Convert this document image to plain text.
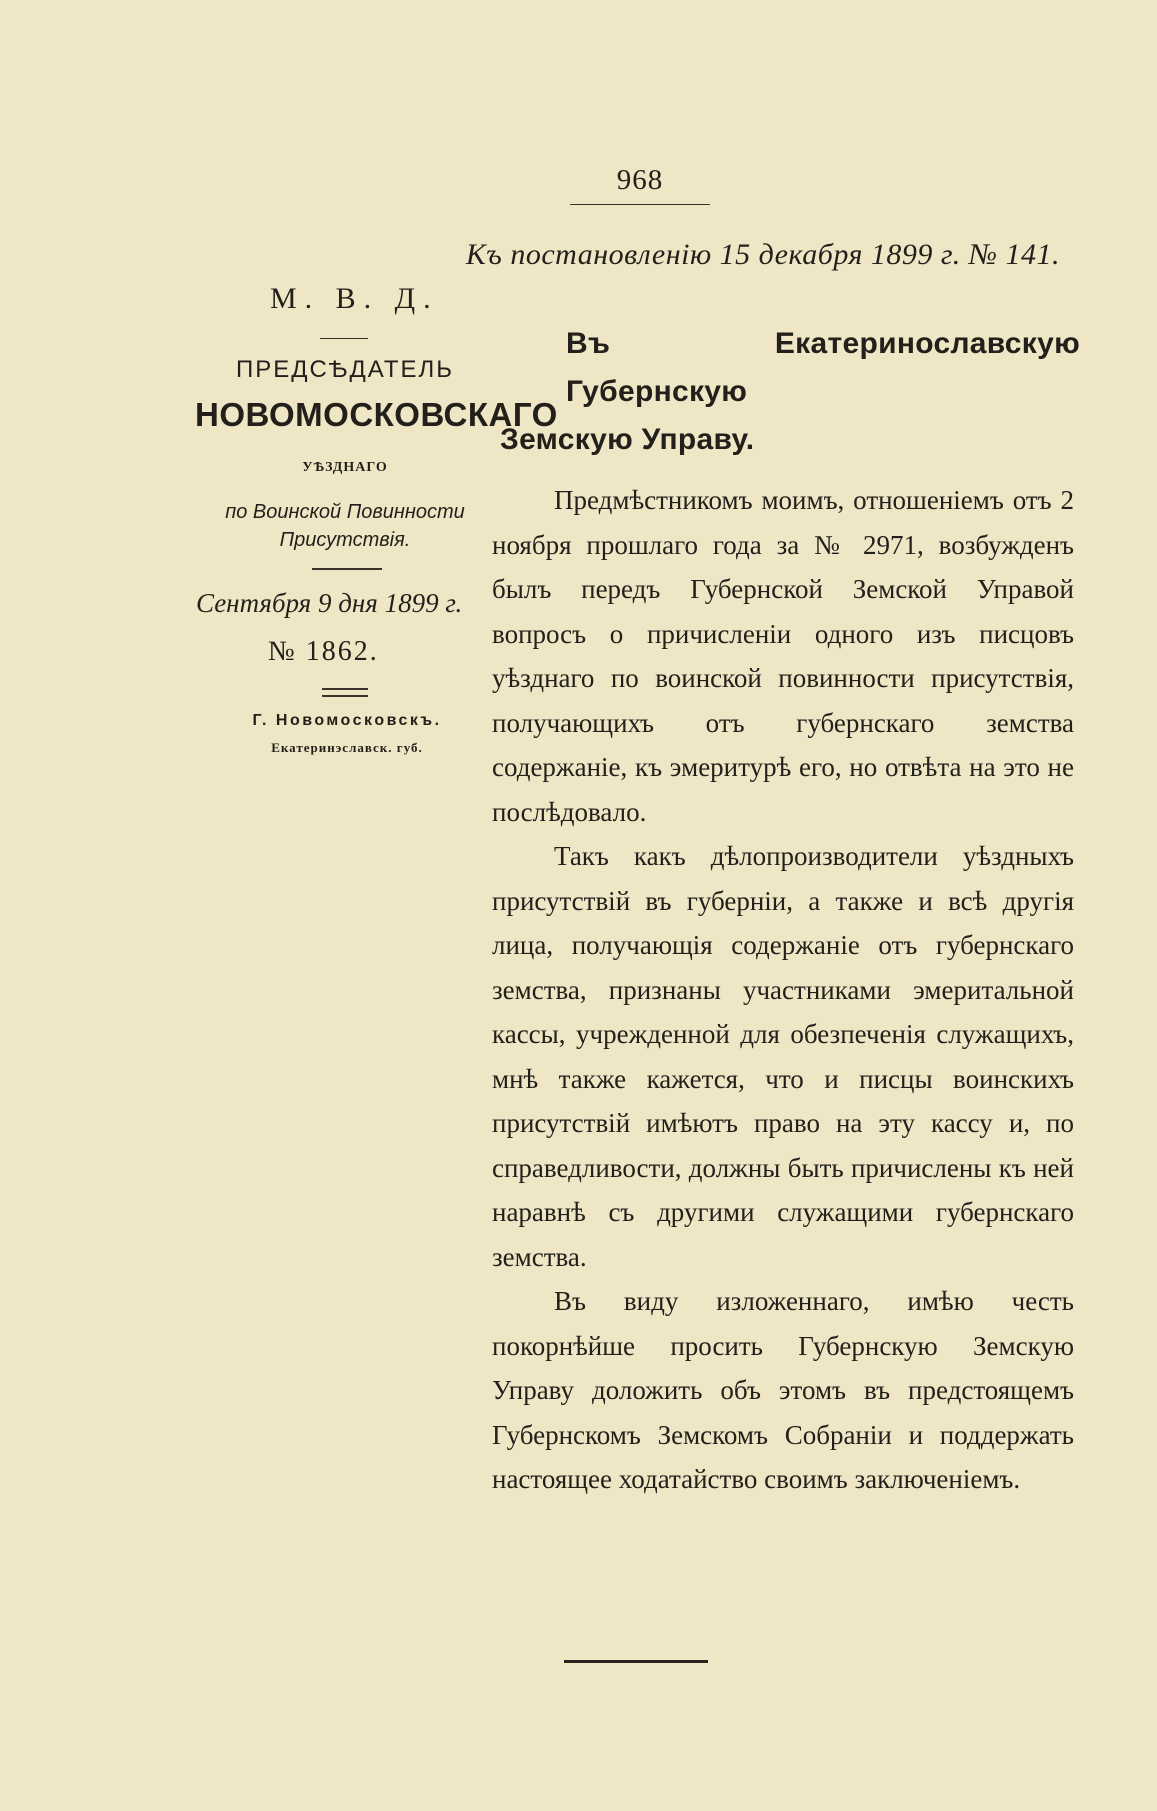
968
Къ постановленію 15 декабря 1899 г. № 141.
М. В. Д.
ПРЕДСѢДАТЕЛЬ
НОВОМОСКОВСКАГО
УѢЗДНАГО
по Воинской Повинности
Присутствія.
Сентября 9 дня 1899 г.
№ 1862.
Г. Новомосковскъ.
Екатеринэславск. губ.
Въ Екатеринославскую Губернскую
Земскую Управу.

Предмѣстникомъ моимъ, отношеніемъ отъ 2 ноября прошлаго года за № 2971, возбужденъ былъ передъ Губернской Земской Управой вопросъ о причисленіи одного изъ писцовъ уѣзднаго по воинской повинности присутствія, получающихъ отъ губернскаго земства содержаніе, къ эмеритурѣ его, но отвѣта на это не послѣдовало.

Такъ какъ дѣлопроизводители уѣздныхъ присутствій въ губерніи, а также и всѣ другія лица, получающія содержаніе отъ губернскаго земства, признаны участниками эмеритальной кассы, учрежденной для обезпеченія служащихъ, мнѣ также кажется, что и писцы воинскихъ присутствій имѣютъ право на эту кассу и, по справедливости, должны быть причислены къ ней наравнѣ съ другими служащими губернскаго земства.

Въ виду изложеннаго, имѣю честь покорнѣйше просить Губернскую Земскую Управу доложить объ этомъ въ предстоящемъ Губернскомъ Земскомъ Собраніи и поддержать настоящее ходатайство своимъ заключеніемъ.
